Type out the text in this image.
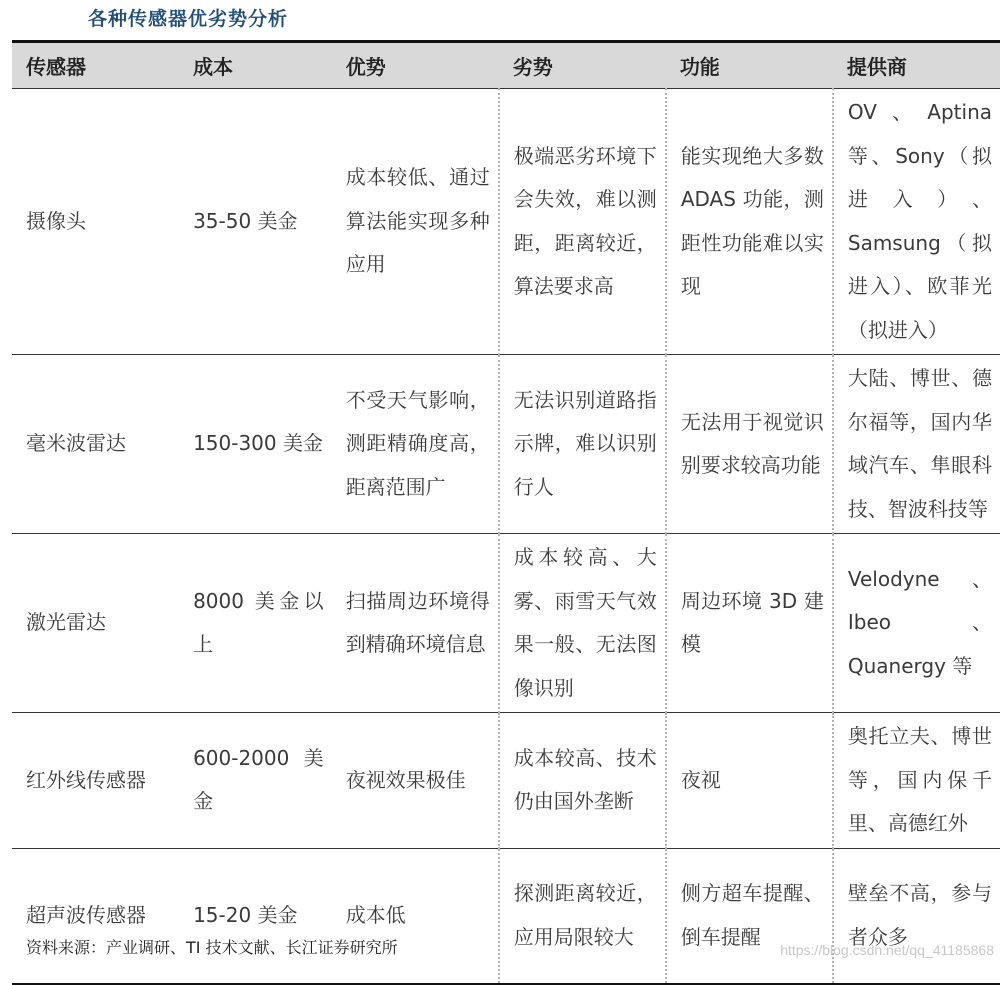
各种传感器优劣势分析
传感器	成本	优势	劣势	功能	提供商
摄像头	35-50 美金	成本较低、通过算法能实现多种应用	极端恶劣环境下会失效，难以测距，距离较近，算法要求高	能实现绝大多数 ADAS 功能，测距性功能难以实现	OV、Aptina 等、Sony（拟进入）、Samsung（拟进入）、欧菲光（拟进入）
毫米波雷达	150-300 美金	不受天气影响，测距精确度高，距离范围广	无法识别道路指示牌，难以识别行人	无法用于视觉识别要求较高功能	大陆、博世、德尔福等，国内华域汽车、隼眼科技、智波科技等
激光雷达	8000 美金以上	扫描周边环境得到精确环境信息	成本较高、大雾、雨雪天气效果一般、无法图像识别	周边环境 3D 建模	Velodyne、Ibeo、Quanergy 等
红外线传感器	600-2000 美金	夜视效果极佳	成本较高、技术仍由国外垄断	夜视	奥托立夫、博世等，国内保千里、高德红外
超声波传感器	15-20 美金	成本低	探测距离较近，应用局限较大	侧方超车提醒、倒车提醒	壁垒不高，参与者众多
资料来源：产业调研、TI 技术文献、长江证券研究所	https://blog.csdn.net/qq_41185868
